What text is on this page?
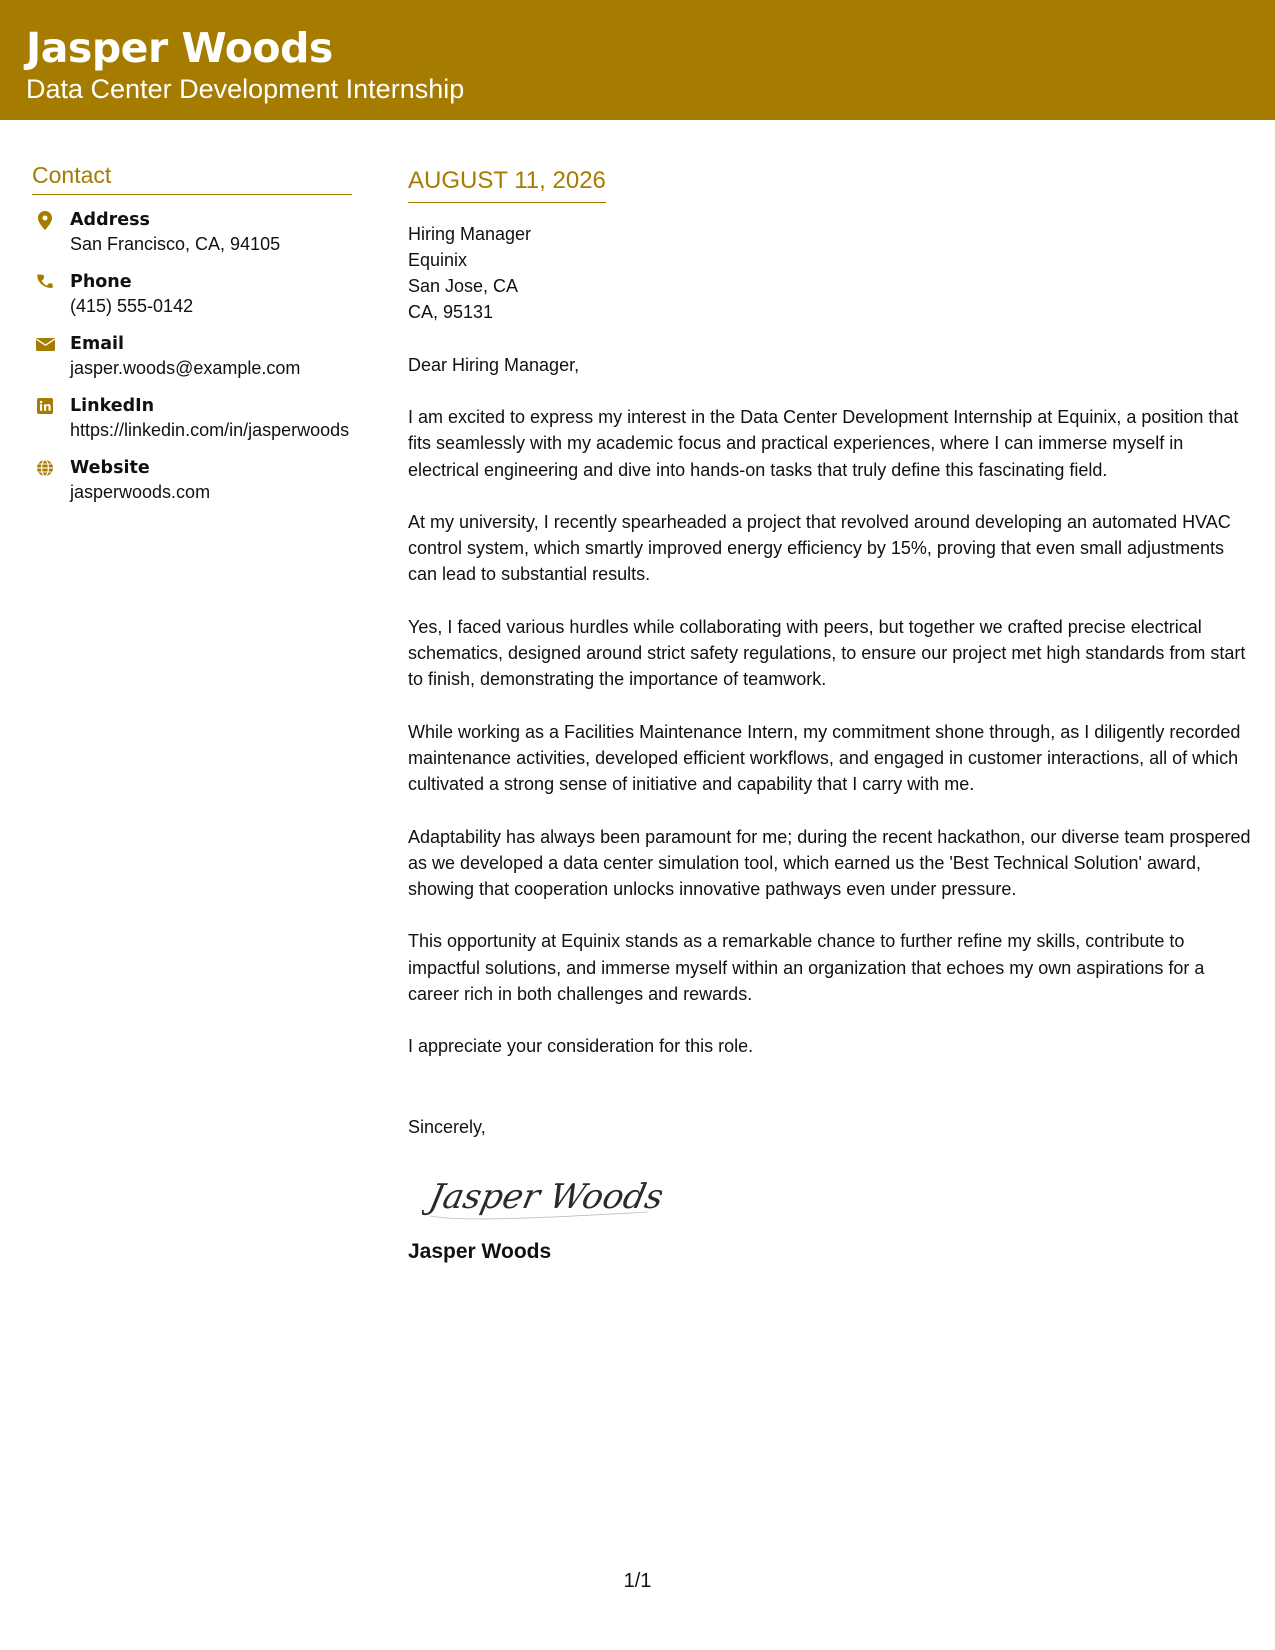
Jasper Woods
Data Center Development Internship
Contact
Address
San Francisco, CA, 94105
Phone
(415) 555-0142
Email
jasper.woods@example.com
LinkedIn
https://linkedin.com/in/jasperwoods
Website
jasperwoods.com
AUGUST 11, 2026
Hiring Manager
Equinix
San Jose, CA
CA, 95131
Dear Hiring Manager,

I am excited to express my interest in the Data Center Development Internship at Equinix, a position that fits seamlessly with my academic focus and practical experiences, where I can immerse myself in electrical engineering and dive into hands-on tasks that truly define this fascinating field.

At my university, I recently spearheaded a project that revolved around developing an automated HVAC control system, which smartly improved energy efficiency by 15%, proving that even small adjustments can lead to substantial results.

Yes, I faced various hurdles while collaborating with peers, but together we crafted precise electrical schematics, designed around strict safety regulations, to ensure our project met high standards from start to finish, demonstrating the importance of teamwork.

While working as a Facilities Maintenance Intern, my commitment shone through, as I diligently recorded maintenance activities, developed efficient workflows, and engaged in customer interactions, all of which cultivated a strong sense of initiative and capability that I carry with me.

Adaptability has always been paramount for me; during the recent hackathon, our diverse team prospered as we developed a data center simulation tool, which earned us the 'Best Technical Solution' award, showing that cooperation unlocks innovative pathways even under pressure.

This opportunity at Equinix stands as a remarkable chance to further refine my skills, contribute to impactful solutions, and immerse myself within an organization that echoes my own aspirations for a career rich in both challenges and rewards.

I appreciate your consideration for this role.

Sincerely,
Jasper Woods
Jasper Woods
1/1
